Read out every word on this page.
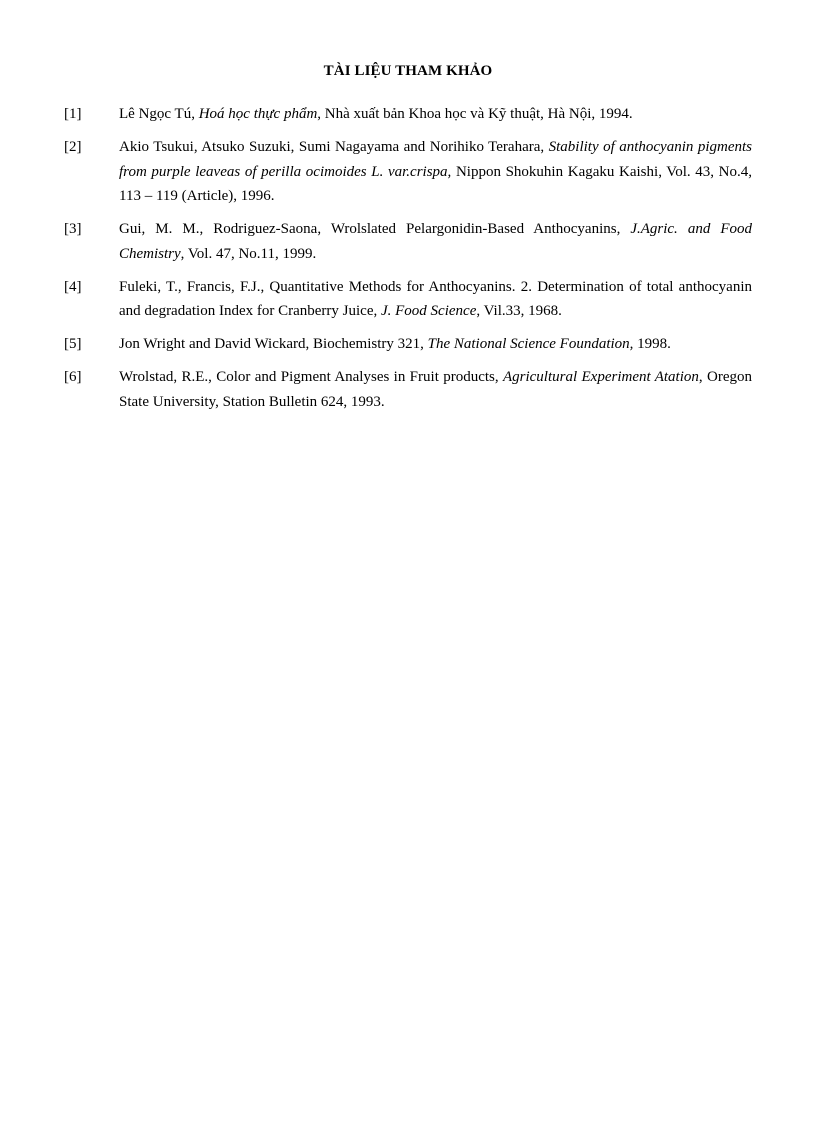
TÀI LIỆU THAM KHẢO
[1]	Lê Ngọc Tú, Hoá học thực phẩm, Nhà xuất bản Khoa học và Kỹ thuật, Hà Nội, 1994.
[2]	Akio Tsukui, Atsuko Suzuki, Sumi Nagayama and Norihiko Terahara, Stability of anthocyanin pigments from purple leaveas of perilla ocimoides L. var.crispa, Nippon Shokuhin Kagaku Kaishi, Vol. 43, No.4, 113 – 119 (Article), 1996.
[3]	Gui, M. M., Rodriguez-Saona, Wrolslated Pelargonidin-Based Anthocyanins, J.Agric. and Food Chemistry, Vol. 47, No.11, 1999.
[4]	Fuleki, T., Francis, F.J., Quantitative Methods for Anthocyanins. 2. Determination of total anthocyanin and degradation Index for Cranberry Juice, J. Food Science, Vil.33, 1968.
[5]	Jon Wright and David Wickard, Biochemistry 321, The National Science Foundation, 1998.
[6]	Wrolstad, R.E., Color and Pigment Analyses in Fruit products, Agricultural Experiment Atation, Oregon State University, Station Bulletin 624, 1993.
